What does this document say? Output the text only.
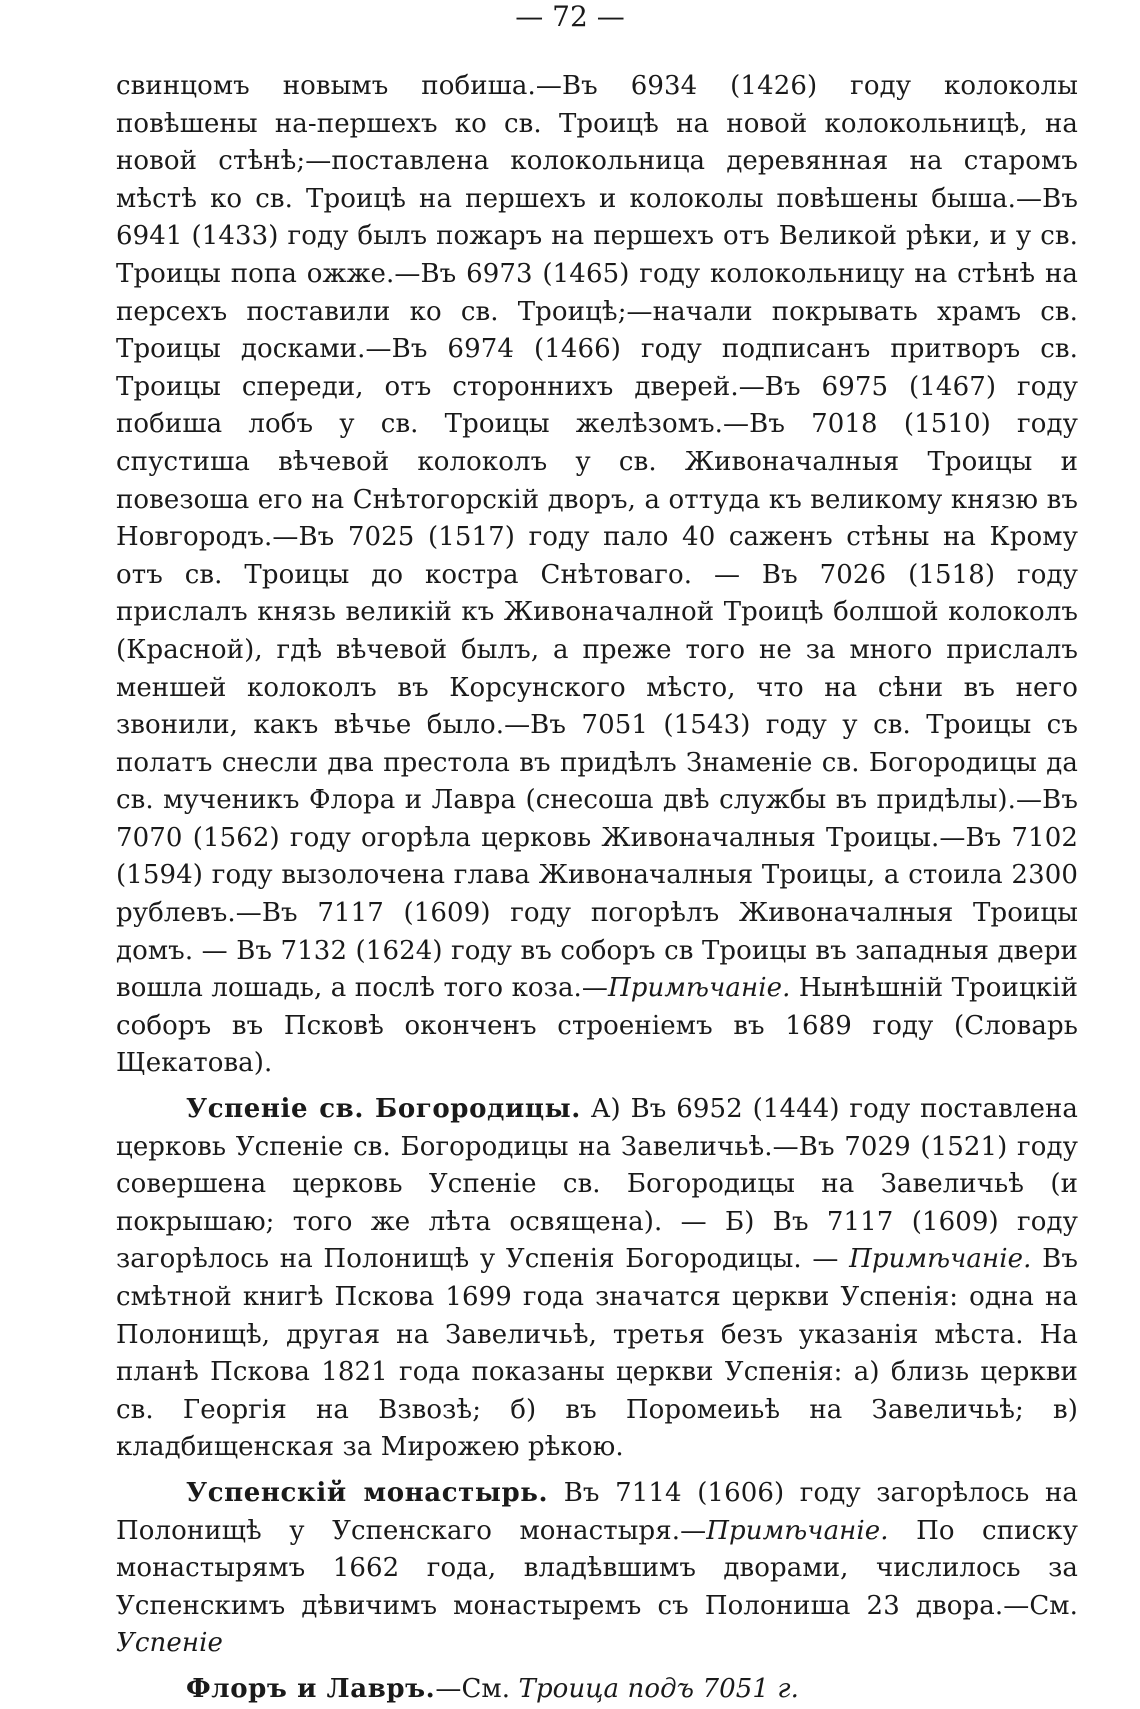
— 72 —

свинцомъ новымъ побиша.—Въ 6934 (1426) году колоколы повѣшены на-першехъ ко св. Троицѣ на новой колокольницѣ, на новой стѣнѣ;—поставлена колокольница деревянная на старомъ мѣстѣ ко св. Троицѣ на першехъ и колоколы повѣшены быша.—Въ 6941 (1433) году былъ пожаръ на першехъ отъ Великой рѣки, и у св. Троицы попа ожже.—Въ 6973 (1465) году колокольницу на стѣнѣ на персехъ поставили ко св. Троицѣ;—начали покрывать храмъ св. Троицы досками.—Въ 6974 (1466) году подписанъ притворъ св. Троицы спереди, отъ стороннихъ дверей.—Въ 6975 (1467) году побиша лобъ у св. Троицы желѣзомъ.—Въ 7018 (1510) году спустиша вѣчевой колоколъ у св. Живоначалныя Троицы и повезоша его на Снѣтогорскій дворъ, а оттуда къ великому князю въ Новгородъ.—Въ 7025 (1517) году пало 40 саженъ стѣны на Крому отъ св. Троицы до костра Снѣтоваго. — Въ 7026 (1518) году прислалъ князь великій къ Живоначалной Троицѣ болшой колоколъ (Красной), гдѣ вѣчевой былъ, а преже того не за много прислалъ меншей колоколъ въ Корсунского мѣсто, что на сѣни въ него звонили, какъ вѣчье было.—Въ 7051 (1543) году у св. Троицы съ полатъ снесли два престола въ придѣлъ Знаменіе св. Богородицы да св. мученикъ Флора и Лавра (снесоша двѣ службы въ придѣлы).—Въ 7070 (1562) году огорѣла церковь Живоначалныя Троицы.—Въ 7102 (1594) году вызолочена глава Живоначалныя Троицы, а стоила 2300 рублевъ.—Въ 7117 (1609) году погорѣлъ Живоначалныя Троицы домъ. — Въ 7132 (1624) году въ соборъ св Троицы въ западныя двери вошла лошадь, а послѣ того коза.—Примѣчаніе. Нынѣшній Троицкій соборъ въ Псковѣ оконченъ строеніемъ въ 1689 году (Словарь Щекатова).

Успеніе св. Богородицы. А) Въ 6952 (1444) году поставлена церковь Успеніе св. Богородицы на Завеличьѣ.—Въ 7029 (1521) году совершена церковь Успеніе св. Богородицы на Завеличьѣ (и покрышаю; того же лѣта освящена). — Б) Въ 7117 (1609) году загорѣлось на Полонищѣ у Успенія Богородицы. — Примѣчаніе. Въ смѣтной книгѣ Пскова 1699 года значатся церкви Успенія: одна на Полонищѣ, другая на Завеличьѣ, третья безъ указанія мѣста. На планѣ Пскова 1821 года показаны церкви Успенія: а) близь церкви св. Георгія на Взвозѣ; б) въ Поромеиьѣ на Завеличьѣ; в) кладбищенская за Мирожею рѣкою.

Успенскій монастырь. Въ 7114 (1606) году загорѣлось на Полонищѣ у Успенскаго монастыря.—Примѣчаніе. По списку монастырямъ 1662 года, владѣвшимъ дворами, числилось за Успенскимъ дѣвичимъ монастыремъ съ Полониша 23 двора.—См. Успеніе

Флоръ и Лавръ.—См. Троица подъ 7051 г.
